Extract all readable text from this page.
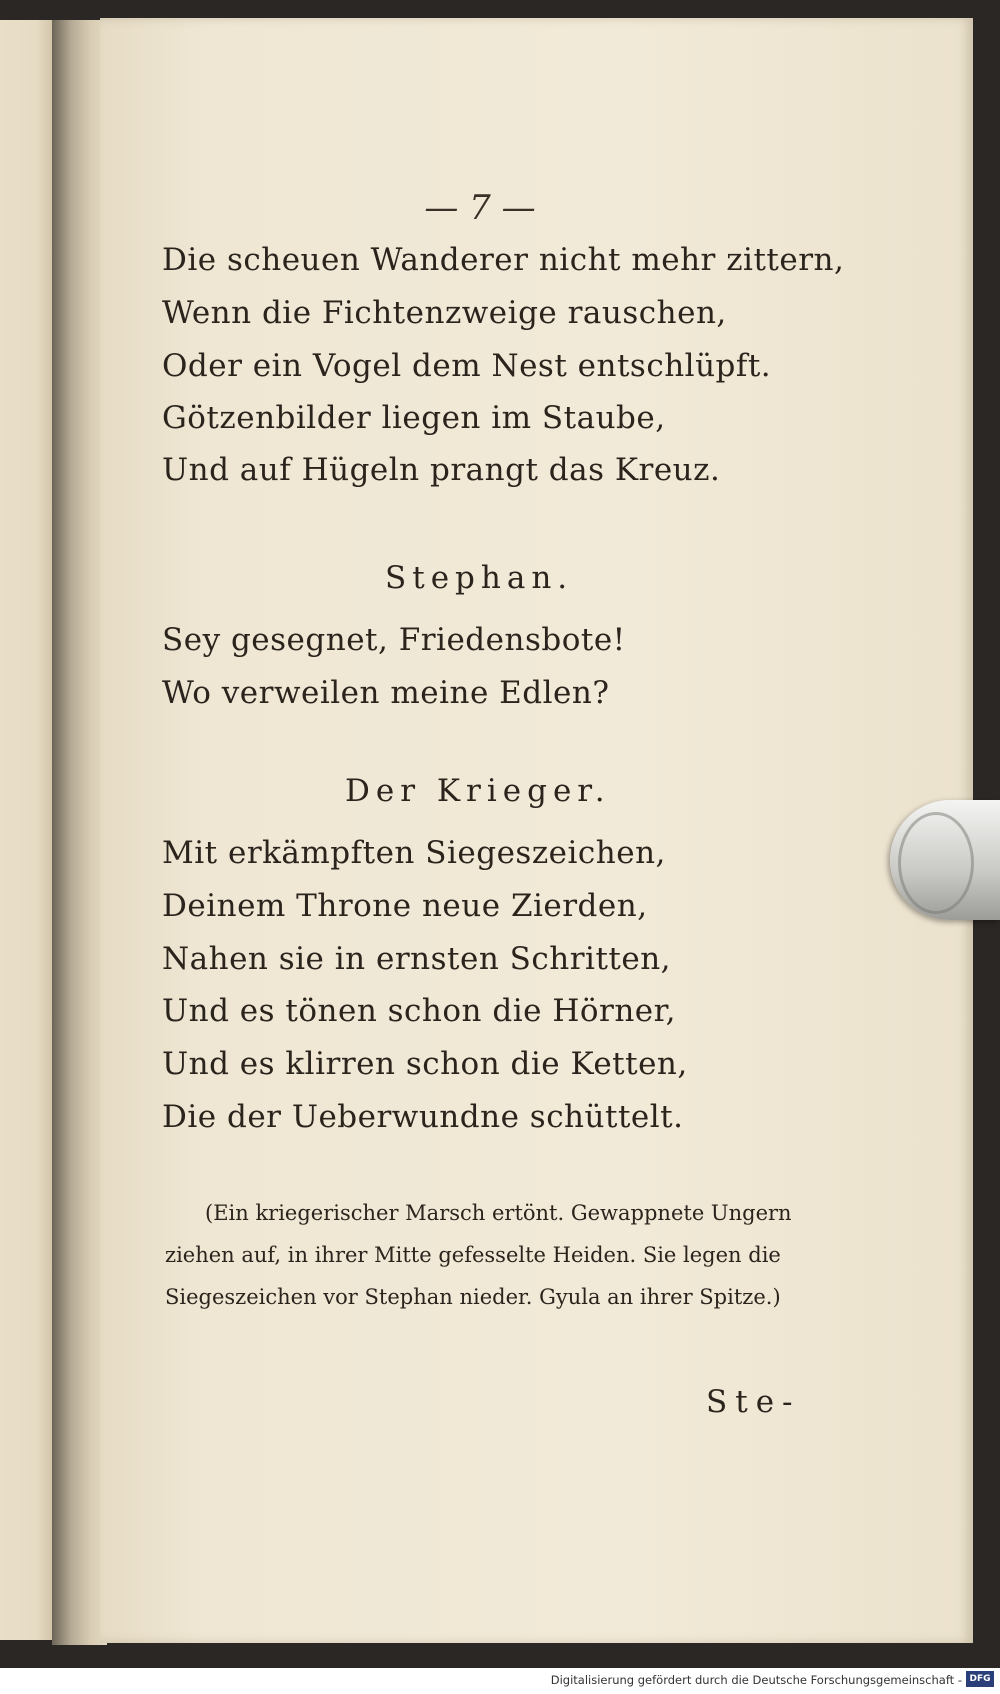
— 7 —
Die scheuen Wanderer nicht mehr zittern,
Wenn die Fichtenzweige rauschen,
Oder ein Vogel dem Nest entschlüpft.
Götzenbilder liegen im Staube,
Und auf Hügeln prangt das Kreuz.
Stephan.
Sey gesegnet, Friedensbote!
Wo verweilen meine Edlen?
Der Krieger.
Mit erkämpften Siegeszeichen,
Deinem Throne neue Zierden,
Nahen sie in ernsten Schritten,
Und es tönen schon die Hörner,
Und es klirren schon die Ketten,
Die der Ueberwundne schüttelt.
(Ein kriegerischer Marsch ertönt. Gewappnete Ungern ziehen auf, in ihrer Mitte gefesselte Heiden. Sie legen die Siegeszeichen vor Stephan nieder. Gyula an ihrer Spitze.)
Ste-
Digitalisierung gefördert durch die Deutsche Forschungsgemeinschaft - DFG
